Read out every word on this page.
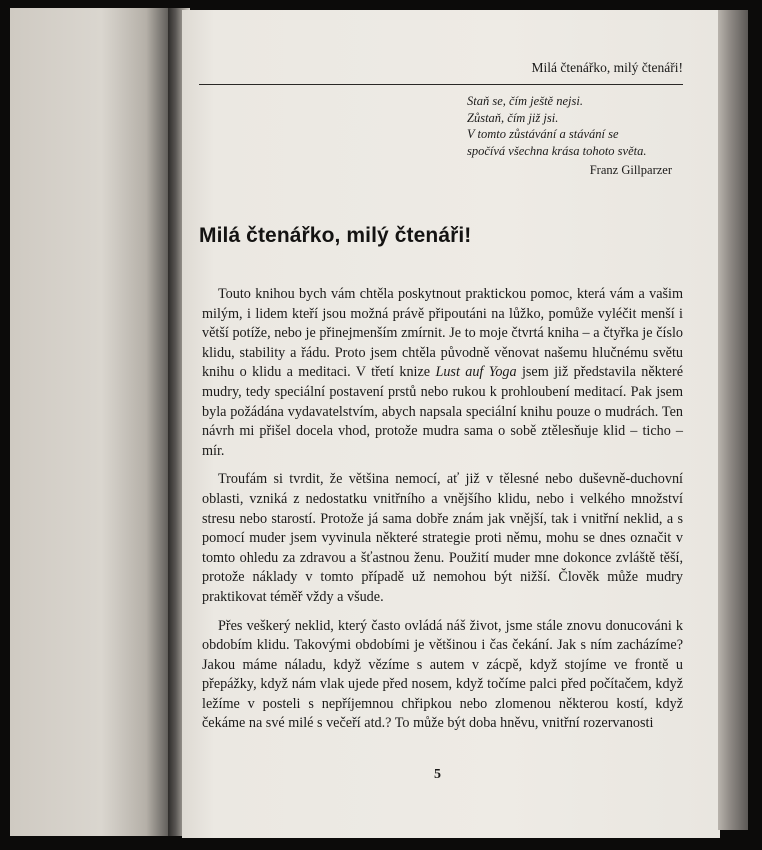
Milá čtenářko, milý čtenáři!
Staň se, čím ještě nejsi.
Zůstaň, čím již jsi.
V tomto zůstávání a stávání se
spočívá všechna krása tohoto světa.
Franz Gillparzer
Milá čtenářko, milý čtenáři!

Touto knihou bych vám chtěla poskytnout praktickou pomoc, která vám a vašim milým, i lidem kteří jsou možná právě připoutáni na lůžko, pomůže vyléčit menší i větší potíže, nebo je přinejmenším zmírnit. Je to moje čtvrtá kniha – a čtyřka je číslo klidu, stability a řádu. Proto jsem chtěla původně věnovat našemu hlučnému světu knihu o klidu a meditaci. V třetí knize Lust auf Yoga jsem již představila některé mudry, tedy speciální postavení prstů nebo rukou k prohloubení meditací. Pak jsem byla požádána vydavatelstvím, abych napsala speciální knihu pouze o mudrách. Ten návrh mi přišel docela vhod, protože mudra sama o sobě ztělesňuje klid – ticho – mír.

Troufám si tvrdit, že většina nemocí, ať již v tělesné nebo duševně-duchovní oblasti, vzniká z nedostatku vnitřního a vnějšího klidu, nebo i velkého množství stresu nebo starostí. Protože já sama dobře znám jak vnější, tak i vnitřní neklid, a s pomocí muder jsem vyvinula některé strategie proti němu, mohu se dnes označit v tomto ohledu za zdravou a šťastnou ženu. Použití muder mne dokonce zvláště těší, protože náklady v tomto případě už nemohou být nižší. Člověk může mudry praktikovat téměř vždy a všude.

Přes veškerý neklid, který často ovládá náš život, jsme stále znovu donucováni k obdobím klidu. Takovými obdobími je většinou i čas čekání. Jak s ním zacházíme? Jakou máme náladu, když vězíme s autem v zácpě, když stojíme ve frontě u přepážky, když nám vlak ujede před nosem, když točíme palci před počítačem, když ležíme v posteli s nepříjemnou chřipkou nebo zlomenou některou kostí, když čekáme na své milé s večeří atd.? To může být doba hněvu, vnitřní rozervanosti

5
